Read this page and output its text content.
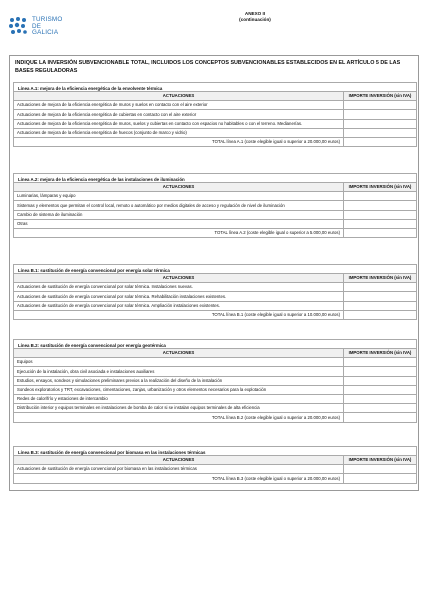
TURISMO
DE
GALICIA
ANEXO II
(continuación)
INDIQUE LA INVERSIÓN SUBVENCIONABLE TOTAL, INCLUIDOS LOS CONCEPTOS SUBVENCIONABLES ESTABLECIDOS EN EL ARTÍCULO 5 DE LAS BASES REGULADORAS
Línea A.1: mejora de la eficiencia energética de la envolvente térmica
ACTUACIONES	IMPORTE INVERSIÓN (sin IVA)
Actuaciones de mejora de la eficiencia energética de muros y suelos en contacto con el aire exterior
Actuaciones de mejora de la eficiencia energética de cubiertas en contacto con el aire exterior
Actuaciones de mejora de la eficiencia energética de muros, suelos y cubiertas en contacto con espacios no habitables o con el terreno. Medianerías.
Actuaciones de mejora de la eficiencia energética de huecos (conjunto de marco y vidrio)
TOTAL línea A.1 (coste elegible igual o superior a 20.000,00 euros)
Línea A.2: mejora de la eficiencia energética de las instalaciones de iluminación
ACTUACIONES	IMPORTE INVERSIÓN (sin IVA)
Luminarias, lámparas y equipo
Sistemas y elementos que permitan el control local, remoto o automático por medios digitales de acceso y regulación de nivel de iluminación
Cambio de sistema de iluminación
Otras
TOTAL línea A.2 (coste elegible igual o superior a 5.000,00 euros)
Línea B.1: sustitución de energía convencional por energía solar térmica
ACTUACIONES	IMPORTE INVERSIÓN (sin IVA)
Actuaciones de sustitución de energía convencional por solar térmica. Instalaciones nuevas.
Actuaciones de sustitución de energía convencional por solar térmica. Rehabilitación instalaciones existentes.
Actuaciones de sustitución de energía convencional por solar térmica. Ampliación instalaciones existentes.
TOTAL línea B.1 (coste elegible igual o superior a 10.000,00 euros)
Línea B.2: sustitución de energía convencional por energía geotérmica
ACTUACIONES	IMPORTE INVERSIÓN (sin IVA)
Equipos
Ejecución de la instalación, obra civil asociada e instalaciones auxiliares
Estudios, ensayos, sondeos y simulaciones preliminares previos a la realización del diseño de la instalación
Sondeos exploratorios y TRT, excavaciones, cimentaciones, zanjas, urbanización y otros elementos necesarios para la explotación
Redes de calor/frío y estaciones de intercambio
Distribución interior y equipos terminales en instalaciones de bomba de calor si se instalan equipos terminales de alta eficiencia
TOTAL línea B.2 (coste elegible igual o superior a 20.000,00 euros)
Línea B.3: sustitución de energía convencional por biomasa en las instalaciones térmicas
ACTUACIONES	IMPORTE INVERSIÓN (sin IVA)
Actuaciones de sustitución de energía convencional por biomasa en las instalaciones térmicas
TOTAL línea B.3 (coste elegible igual o superior a 20.000,00 euros)
